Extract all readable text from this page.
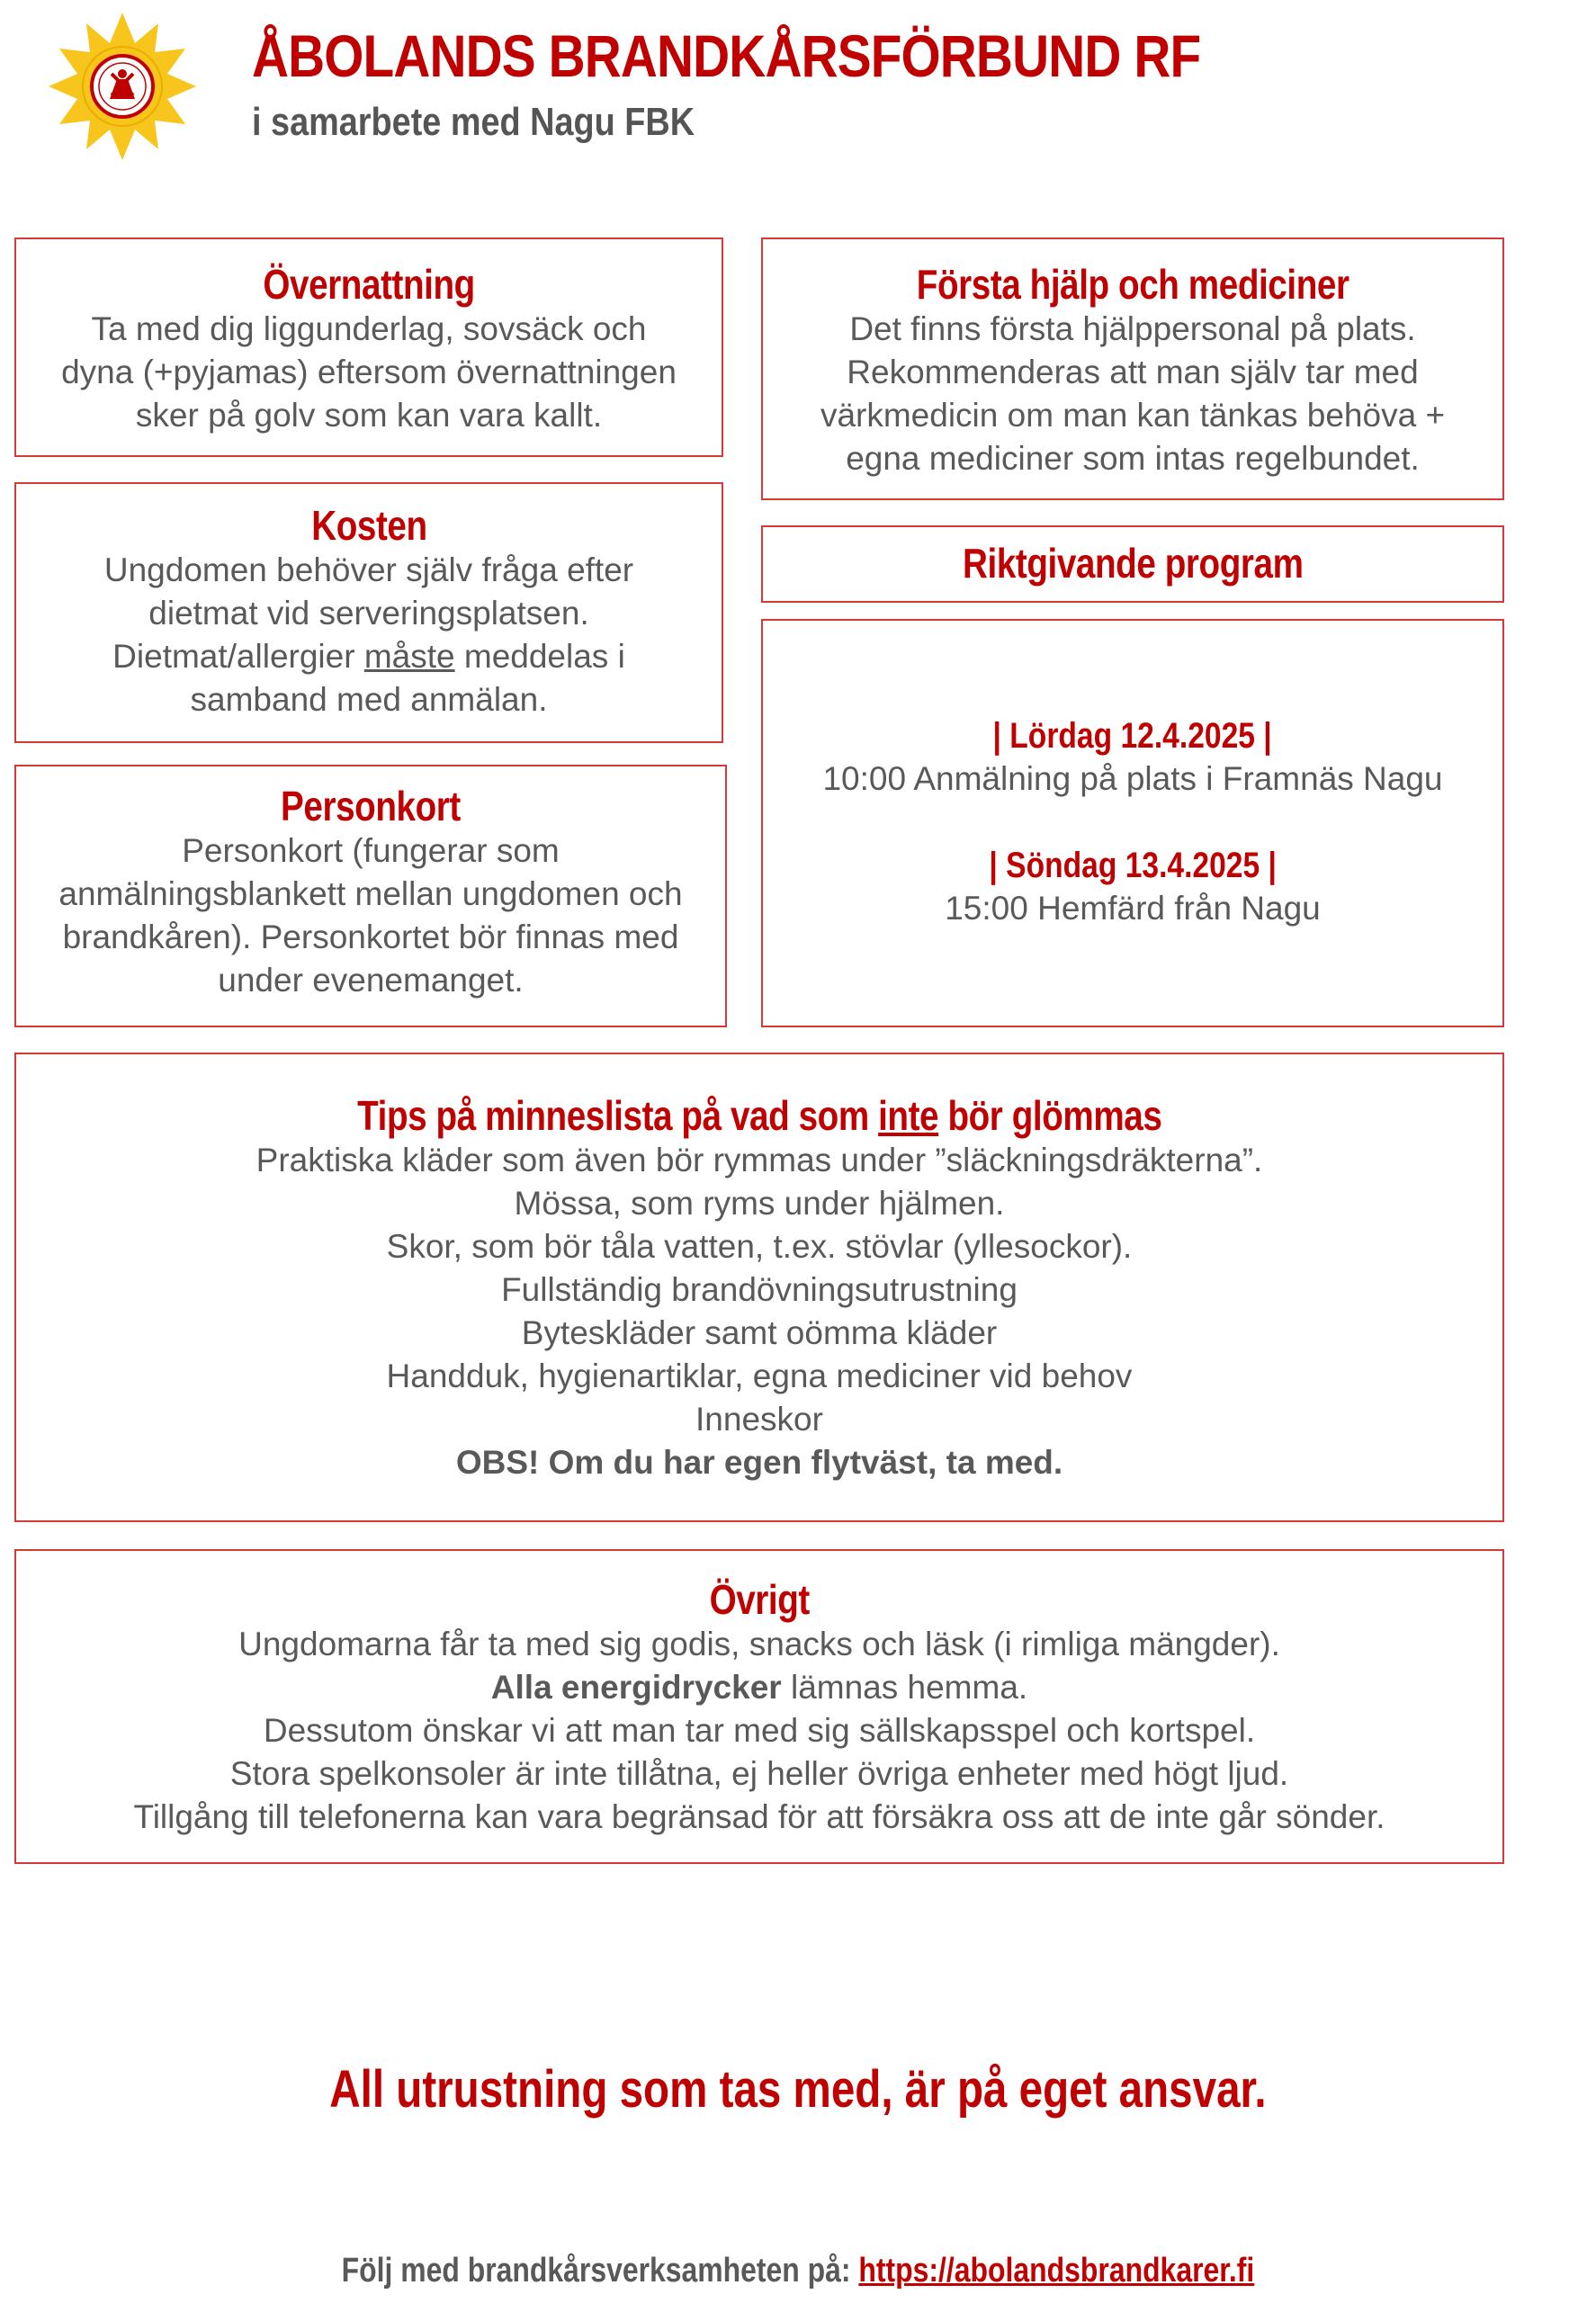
ÅBOLANDS BRANDKÅRSFÖRBUND RF

i samarbete med Nagu FBK

Övernattning

Ta med dig liggunderlag, sovsäck och

dyna (+pyjamas) eftersom övernattningen

sker på golv som kan vara kallt.

Kosten

Ungdomen behöver själv fråga efter

dietmat vid serveringsplatsen.

Dietmat/allergier måste meddelas i

samband med anmälan.

Personkort

Personkort (fungerar som

anmälningsblankett mellan ungdomen och

brandkåren). Personkortet bör finnas med

under evenemanget.

Första hjälp och mediciner

Det finns första hjälppersonal på plats.

Rekommenderas att man själv tar med

värkmedicin om man kan tänkas behöva +

egna mediciner som intas regelbundet.

Riktgivande program
| Lördag 12.4.2025 |

10:00 Anmälning på plats i Framnäs Nagu

| Söndag 13.4.2025 |

15:00 Hemfärd från Nagu

Tips på minneslista på vad som inte bör glömmas

Praktiska kläder som även bör rymmas under ”släckningsdräkterna”.

Mössa, som ryms under hjälmen.

Skor, som bör tåla vatten, t.ex. stövlar (yllesockor).

Fullständig brandövningsutrustning

Byteskläder samt oömma kläder

Handduk, hygienartiklar, egna mediciner vid behov

Inneskor

OBS! Om du har egen flytväst, ta med.

Övrigt

Ungdomarna får ta med sig godis, snacks och läsk (i rimliga mängder).

Alla energidrycker lämnas hemma.

Dessutom önskar vi att man tar med sig sällskapsspel och kortspel.

Stora spelkonsoler är inte tillåtna, ej heller övriga enheter med högt ljud.

Tillgång till telefonerna kan vara begränsad för att försäkra oss att de inte går sönder.

All utrustning som tas med, är på eget ansvar.

Följ med brandkårsverksamheten på: https://abolandsbrandkarer.fi
